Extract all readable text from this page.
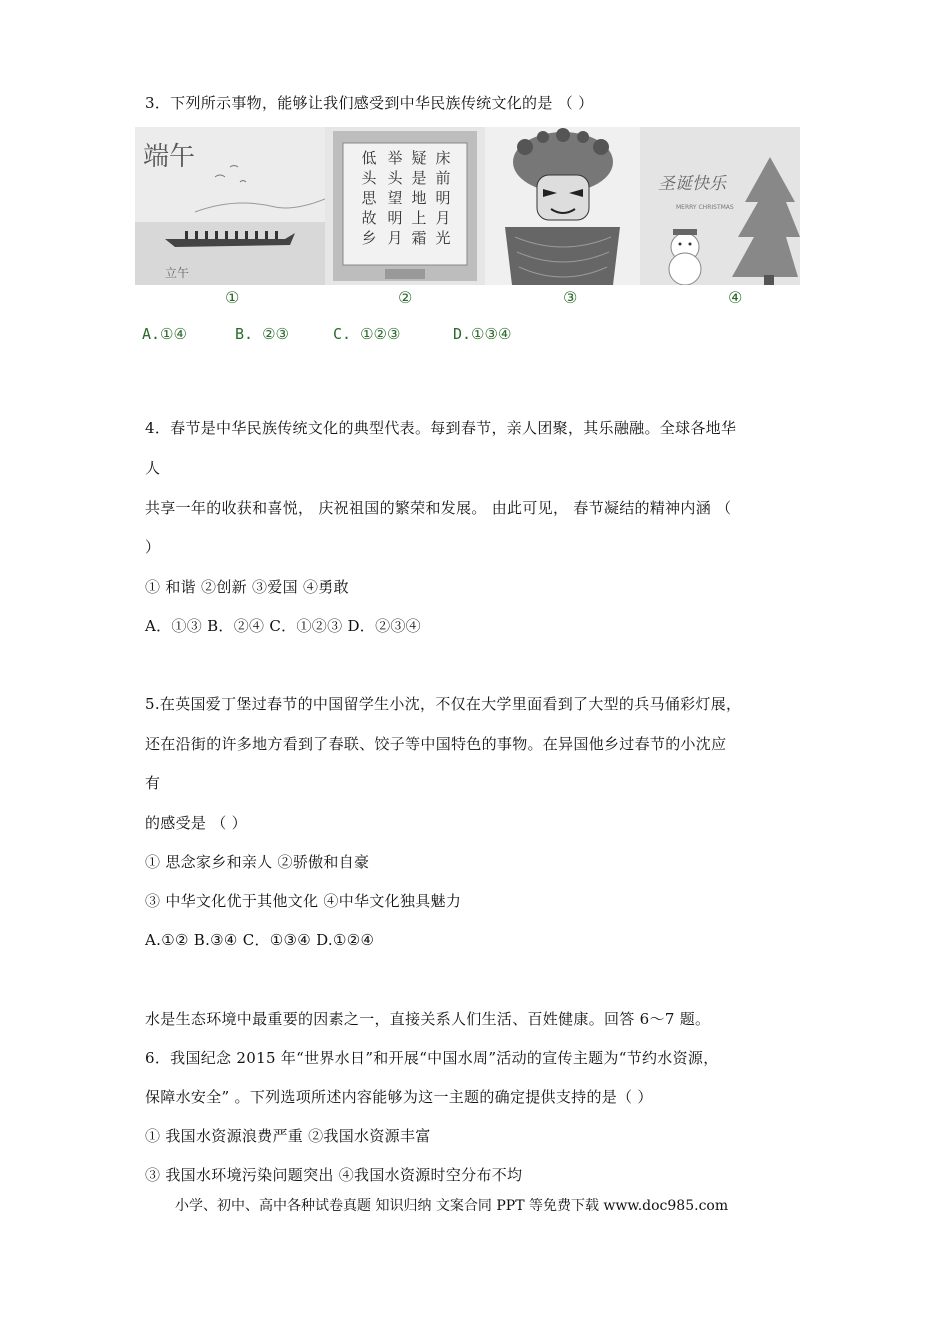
3．下列所示事物，能够让我们感受到中华民族传统文化的是 （ ）
端午
立午
床
前
明
月
光
疑
是
地
上
霜
举
头
望
明
月
低
头
思
故
乡
圣诞快乐
MERRY CHRISTMAS
①	②	③	④
A.①④	B. ②③	C. ①②③	D.①③④
4．春节是中华民族传统文化的典型代表。每到春节，亲人团聚，其乐融融。全球各地华
人
共享一年的收获和喜悦， 庆祝祖国的繁荣和发展。 由此可见， 春节凝结的精神内涵 （
）
① 和谐 ②创新 ③爱国 ④勇敢
A．①③ B．②④ C．①②③ D．②③④
5.在英国爱丁堡过春节的中国留学生小沈，不仅在大学里面看到了大型的兵马俑彩灯展，
还在沿街的许多地方看到了春联、饺子等中国特色的事物。在异国他乡过春节的小沈应
有
的感受是 （ ）
① 思念家乡和亲人 ②骄傲和自豪
③ 中华文化优于其他文化 ④中华文化独具魅力
A.①② B.③④ C．①③④ D.①②④
水是生态环境中最重要的因素之一，直接关系人们生活、百姓健康。回答 6～7 题。
6．我国纪念 2015 年“世界水日”和开展“中国水周”活动的宣传主题为“节约水资源，
保障水安全” 。下列选项所述内容能够为这一主题的确定提供支持的是（ ）
① 我国水资源浪费严重 ②我国水资源丰富
③ 我国水环境污染问题突出 ④我国水资源时空分布不均
小学、初中、高中各种试卷真题 知识归纳 文案合同 PPT 等免费下载 www.doc985.com
